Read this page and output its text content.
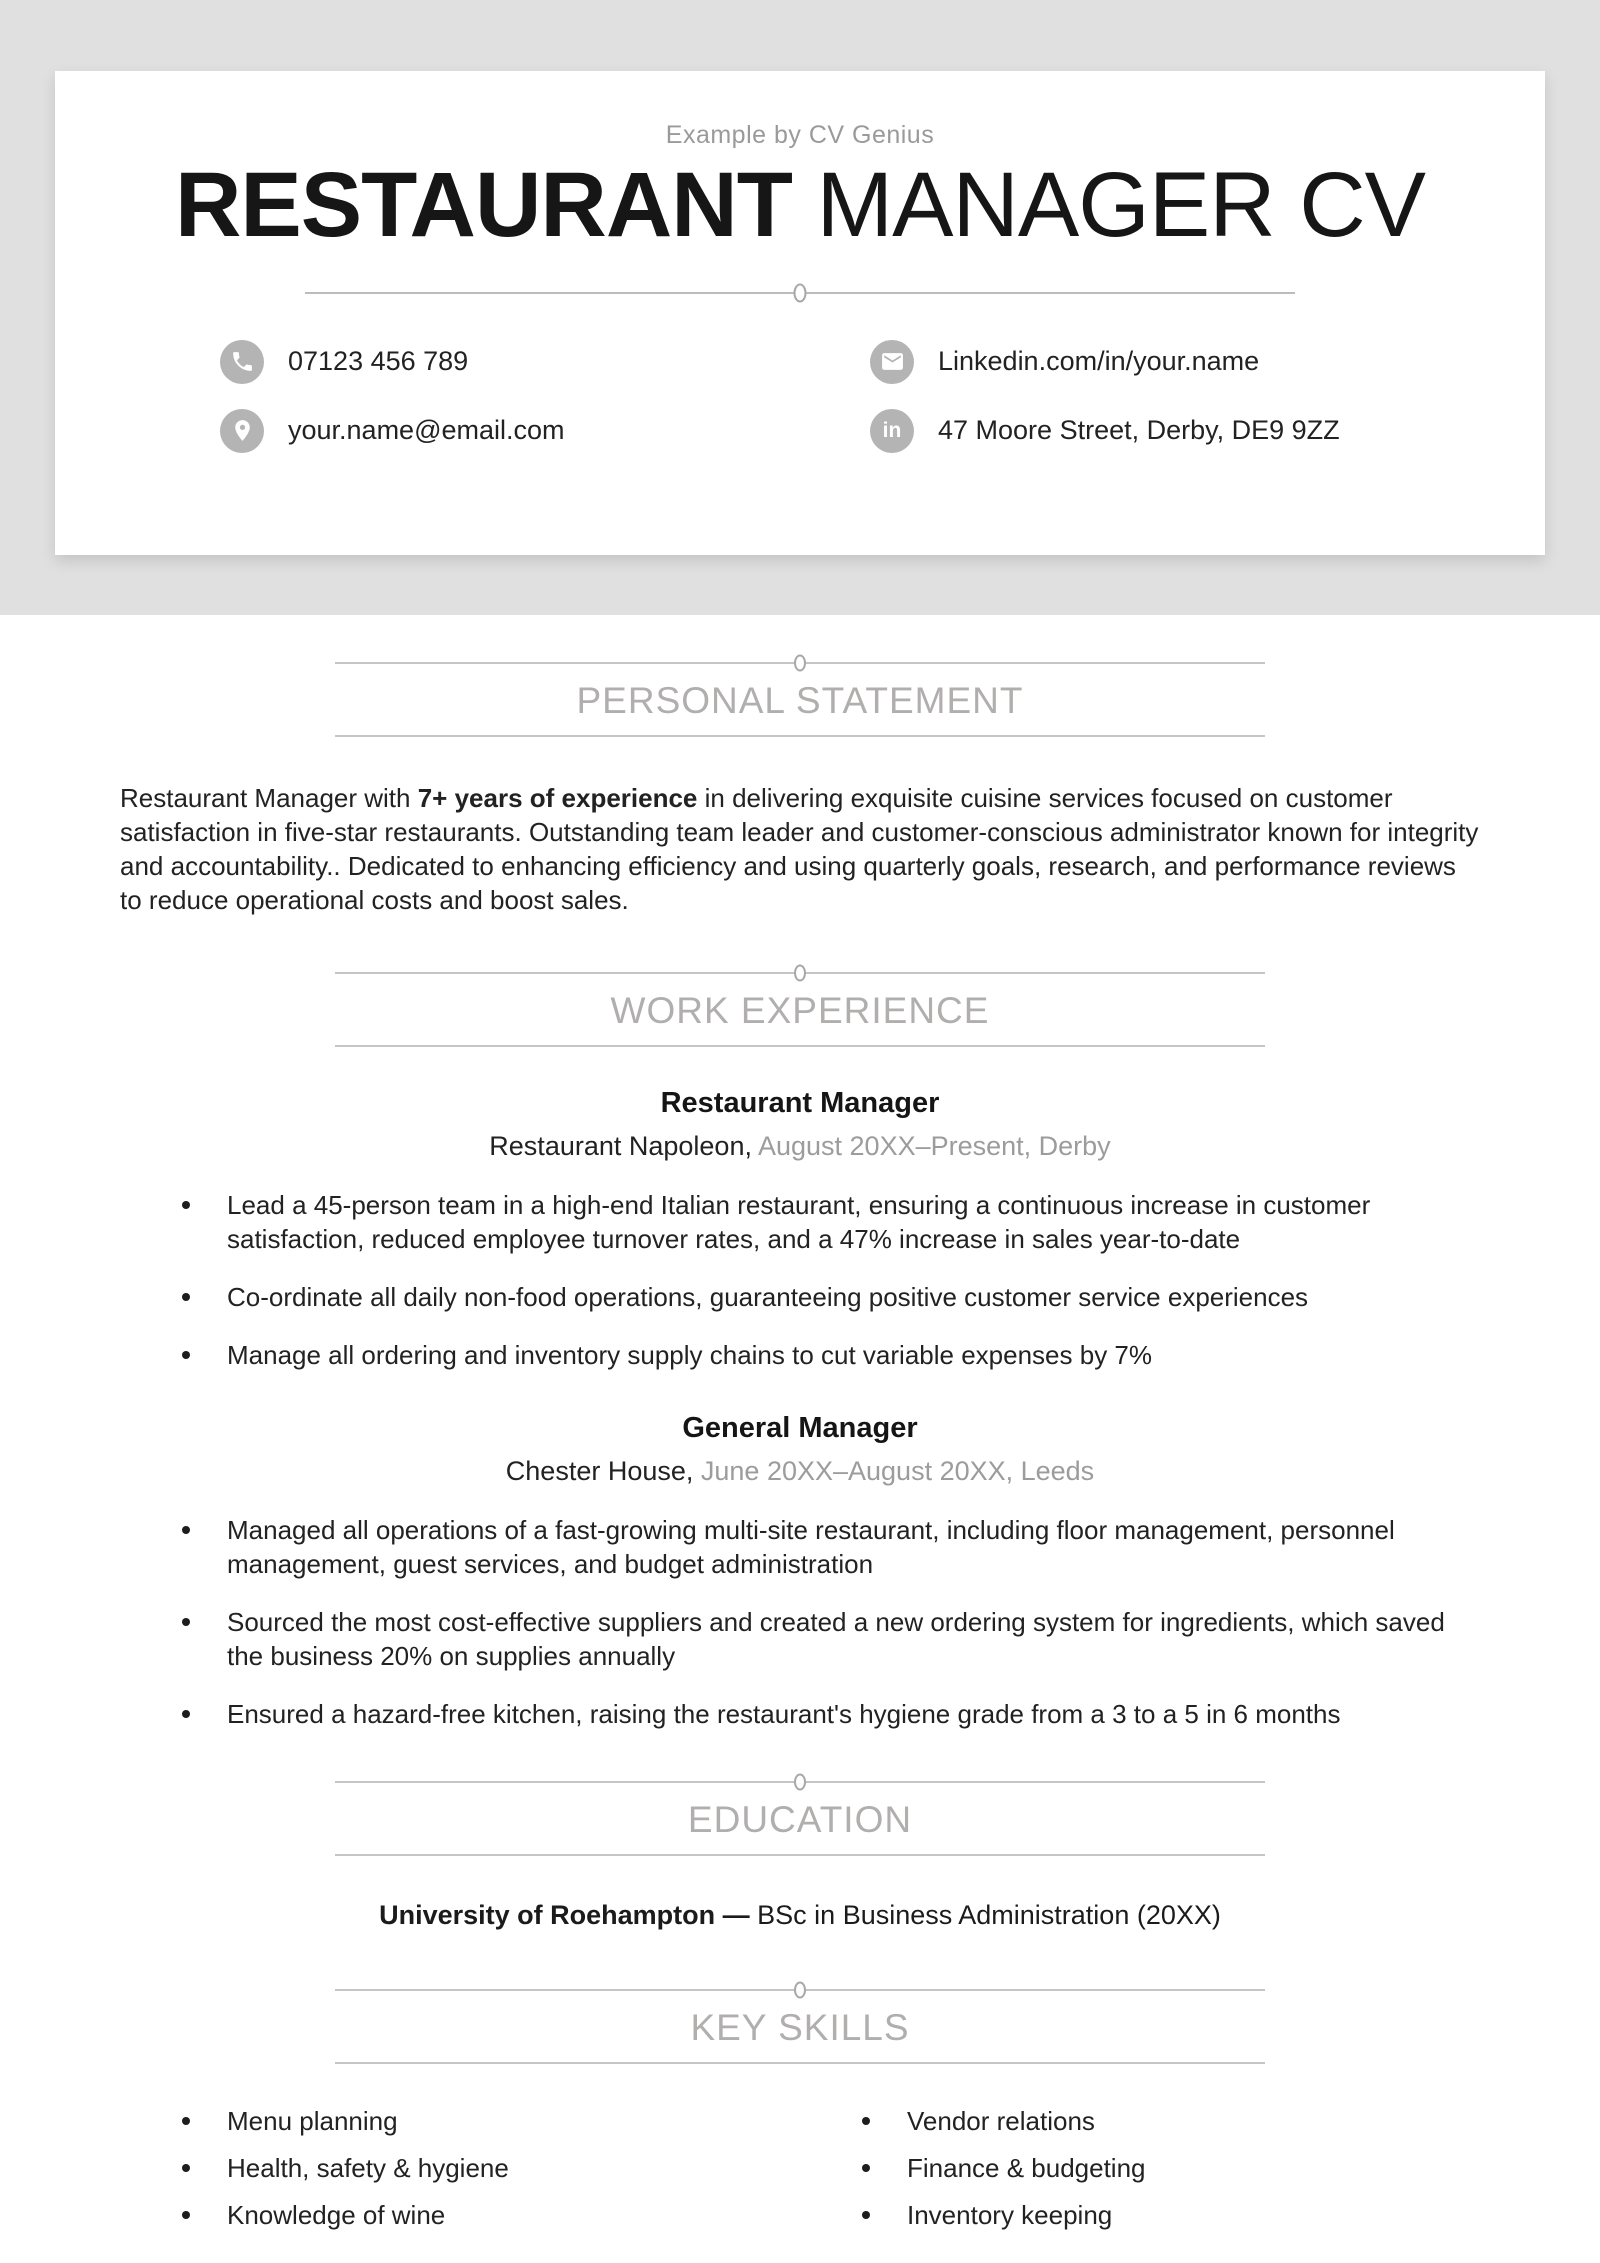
Example by CV Genius
RESTAURANT MANAGER CV
07123 456 789	Linkedin.com/in/your.name
your.name@email.com	in 47 Moore Street, Derby, DE9 9ZZ
PERSONAL STATEMENT

Restaurant Manager with 7+ years of experience in delivering exquisite cuisine services focused on customer satisfaction in five-star restaurants. Outstanding team leader and customer-conscious administrator known for integrity and accountability.. Dedicated to enhancing efficiency and using quarterly goals, research, and performance reviews to reduce operational costs and boost sales.

WORK EXPERIENCE
Restaurant Manager
Restaurant Napoleon, August 20XX–Present, Derby
Lead a 45-person team in a high-end Italian restaurant, ensuring a continuous increase in customer satisfaction, reduced employee turnover rates, and a 47% increase in sales year-to-date
Co-ordinate all daily non-food operations, guaranteeing positive customer service experiences
Manage all ordering and inventory supply chains to cut variable expenses by 7%
General Manager
Chester House, June 20XX–August 20XX, Leeds
Managed all operations of a fast-growing multi-site restaurant, including floor management, personnel management, guest services, and budget administration
Sourced the most cost-effective suppliers and created a new ordering system for ingredients, which saved the business 20% on supplies annually
Ensured a hazard-free kitchen, raising the restaurant's hygiene grade from a 3 to a 5 in 6 months
EDUCATION
University of Roehampton — BSc in Business Administration (20XX)
KEY SKILLS
Menu planning
Health, safety & hygiene
Knowledge of wine
Vendor relations
Finance & budgeting
Inventory keeping
